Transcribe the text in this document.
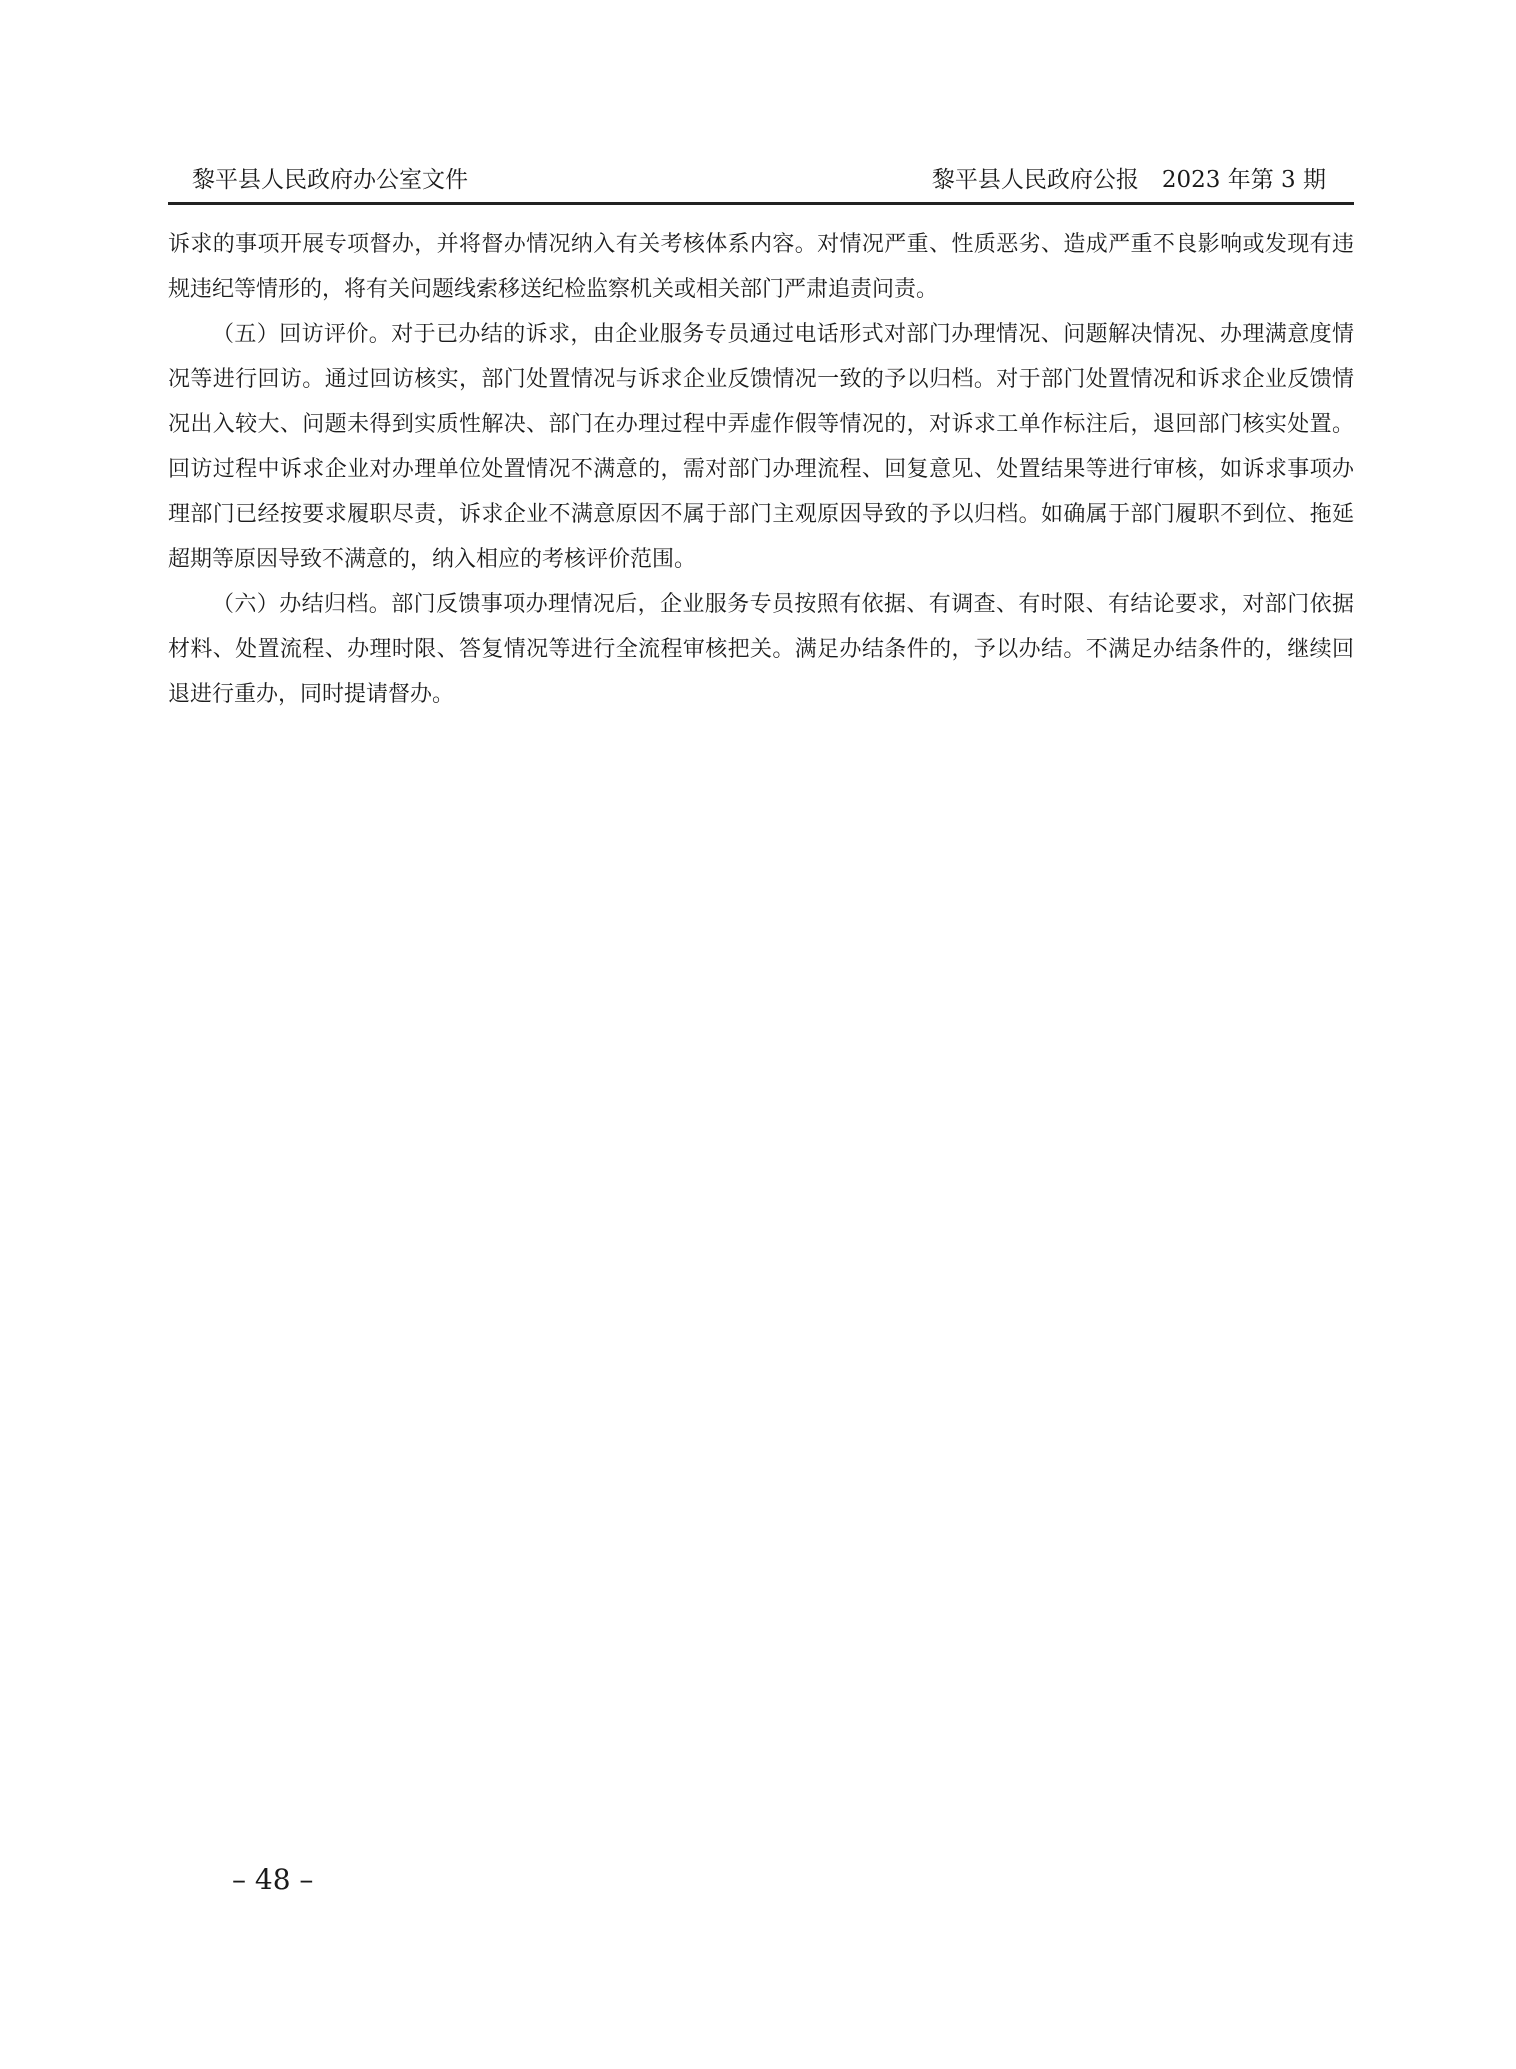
黎平县人民政府办公室文件	黎平县人民政府公报　2023 年第 3 期

诉求的事项开展专项督办，并将督办情况纳入有关考核体系内容。对情况严重、性质恶劣、造成严重不良影响或发现有违规违纪等情形的，将有关问题线索移送纪检监察机关或相关部门严肃追责问责。

（五）回访评价。对于已办结的诉求，由企业服务专员通过电话形式对部门办理情况、问题解决情况、办理满意度情况等进行回访。通过回访核实，部门处置情况与诉求企业反馈情况一致的予以归档。对于部门处置情况和诉求企业反馈情况出入较大、问题未得到实质性解决、部门在办理过程中弄虚作假等情况的，对诉求工单作标注后，退回部门核实处置。回访过程中诉求企业对办理单位处置情况不满意的，需对部门办理流程、回复意见、处置结果等进行审核，如诉求事项办理部门已经按要求履职尽责，诉求企业不满意原因不属于部门主观原因导致的予以归档。如确属于部门履职不到位、拖延超期等原因导致不满意的，纳入相应的考核评价范围。

（六）办结归档。部门反馈事项办理情况后，企业服务专员按照有依据、有调查、有时限、有结论要求，对部门依据材料、处置流程、办理时限、答复情况等进行全流程审核把关。满足办结条件的，予以办结。不满足办结条件的，继续回退进行重办，同时提请督办。

– 48 –
